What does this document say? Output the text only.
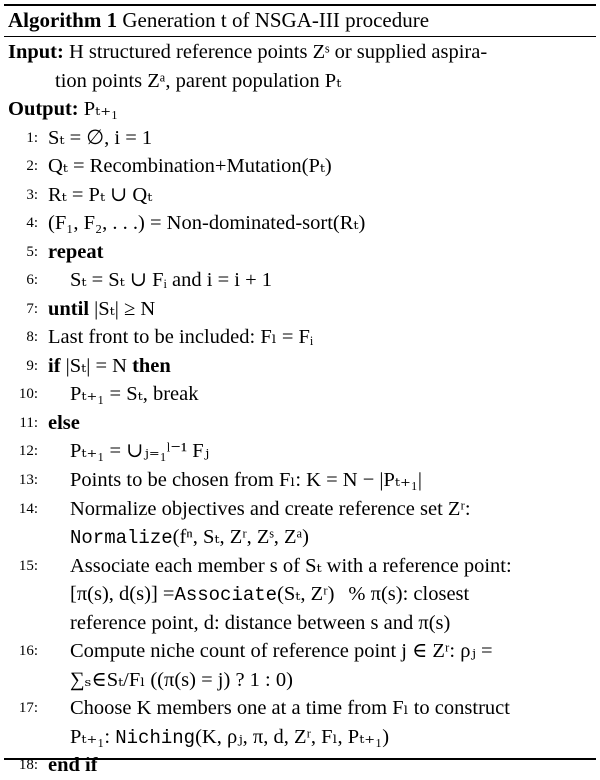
Algorithm 1 Generation t of NSGA-III procedure
Input: H structured reference points Zˢ or supplied aspira-
tion points Zᵃ, parent population Pₜ
Output: Pₜ₊₁
1: Sₜ = ∅, i = 1
2: Qₜ = Recombination+Mutation(Pₜ)
3: Rₜ = Pₜ ∪ Qₜ
4: (F₁, F₂, . . .) = Non-dominated-sort(Rₜ)
5: repeat
6: Sₜ = Sₜ ∪ Fᵢ and i = i + 1
7: until |Sₜ| ≥ N
8: Last front to be included: Fₗ = Fᵢ
9: if |Sₜ| = N then
10: Pₜ₊₁ = Sₜ, break
11: else
12: Pₜ₊₁ = ∪ⱼ₌₁ˡ⁻¹ Fⱼ
13: Points to be chosen from Fₗ: K = N − |Pₜ₊₁|
14: Normalize objectives and create reference set Zʳ:
Normalize(fⁿ, Sₜ, Zʳ, Zˢ, Zᵃ)
15: Associate each member s of Sₜ with a reference point:
[π(s), d(s)] =Associate(Sₜ, Zʳ) % π(s): closest
reference point, d: distance between s and π(s)
16: Compute niche count of reference point j ∈ Zʳ: ρⱼ =
∑ₛ∈Sₜ/Fₗ ((π(s) = j) ? 1 : 0)
17: Choose K members one at a time from Fₗ to construct
Pₜ₊₁: Niching(K, ρⱼ, π, d, Zʳ, Fₗ, Pₜ₊₁)
18: end if
